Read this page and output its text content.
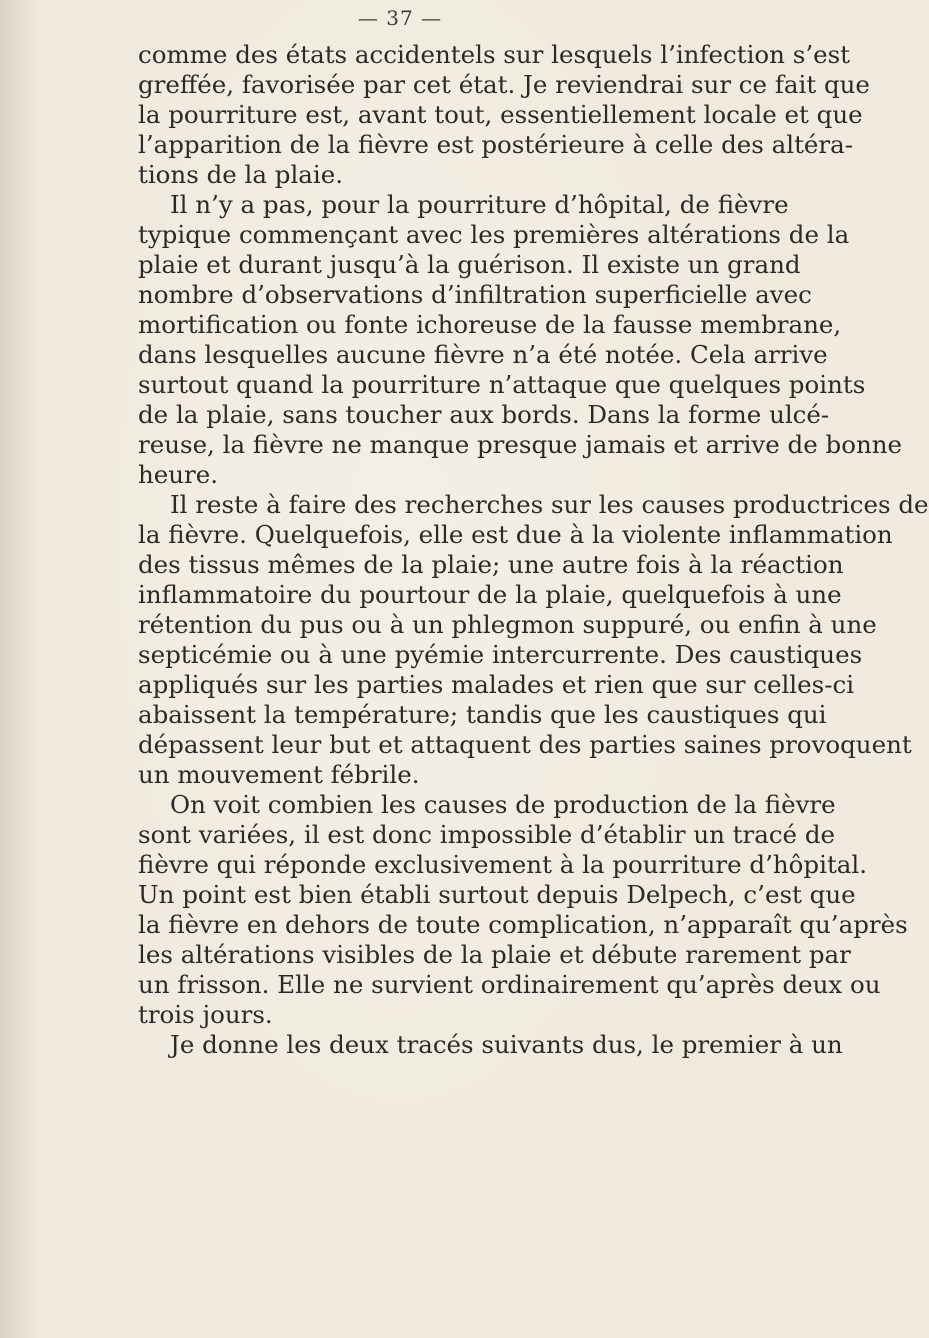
— 37 —
comme des états accidentels sur lesquels l’infection s’est
greffée, favorisée par cet état. Je reviendrai sur ce fait que
la pourriture est, avant tout, essentiellement locale et que
l’apparition de la fièvre est postérieure à celle des altéra-
tions de la plaie.
Il n’y a pas, pour la pourriture d’hôpital, de fièvre
typique commençant avec les premières altérations de la
plaie et durant jusqu’à la guérison. Il existe un grand
nombre d’observations d’infiltration superficielle avec
mortification ou fonte ichoreuse de la fausse membrane,
dans lesquelles aucune fièvre n’a été notée. Cela arrive
surtout quand la pourriture n’attaque que quelques points
de la plaie, sans toucher aux bords. Dans la forme ulcé-
reuse, la fièvre ne manque presque jamais et arrive de bonne
heure.
Il reste à faire des recherches sur les causes productrices de
la fièvre. Quelquefois, elle est due à la violente inflammation
des tissus mêmes de la plaie; une autre fois à la réaction
inflammatoire du pourtour de la plaie, quelquefois à une
rétention du pus ou à un phlegmon suppuré, ou enfin à une
septicémie ou à une pyémie intercurrente. Des caustiques
appliqués sur les parties malades et rien que sur celles-ci
abaissent la température; tandis que les caustiques qui
dépassent leur but et attaquent des parties saines provoquent
un mouvement fébrile.
On voit combien les causes de production de la fièvre
sont variées, il est donc impossible d’établir un tracé de
fièvre qui réponde exclusivement à la pourriture d’hôpital.
Un point est bien établi surtout depuis Delpech, c’est que
la fièvre en dehors de toute complication, n’apparaît qu’après
les altérations visibles de la plaie et débute rarement par
un frisson. Elle ne survient ordinairement qu’après deux ou
trois jours.
Je donne les deux tracés suivants dus, le premier à un
